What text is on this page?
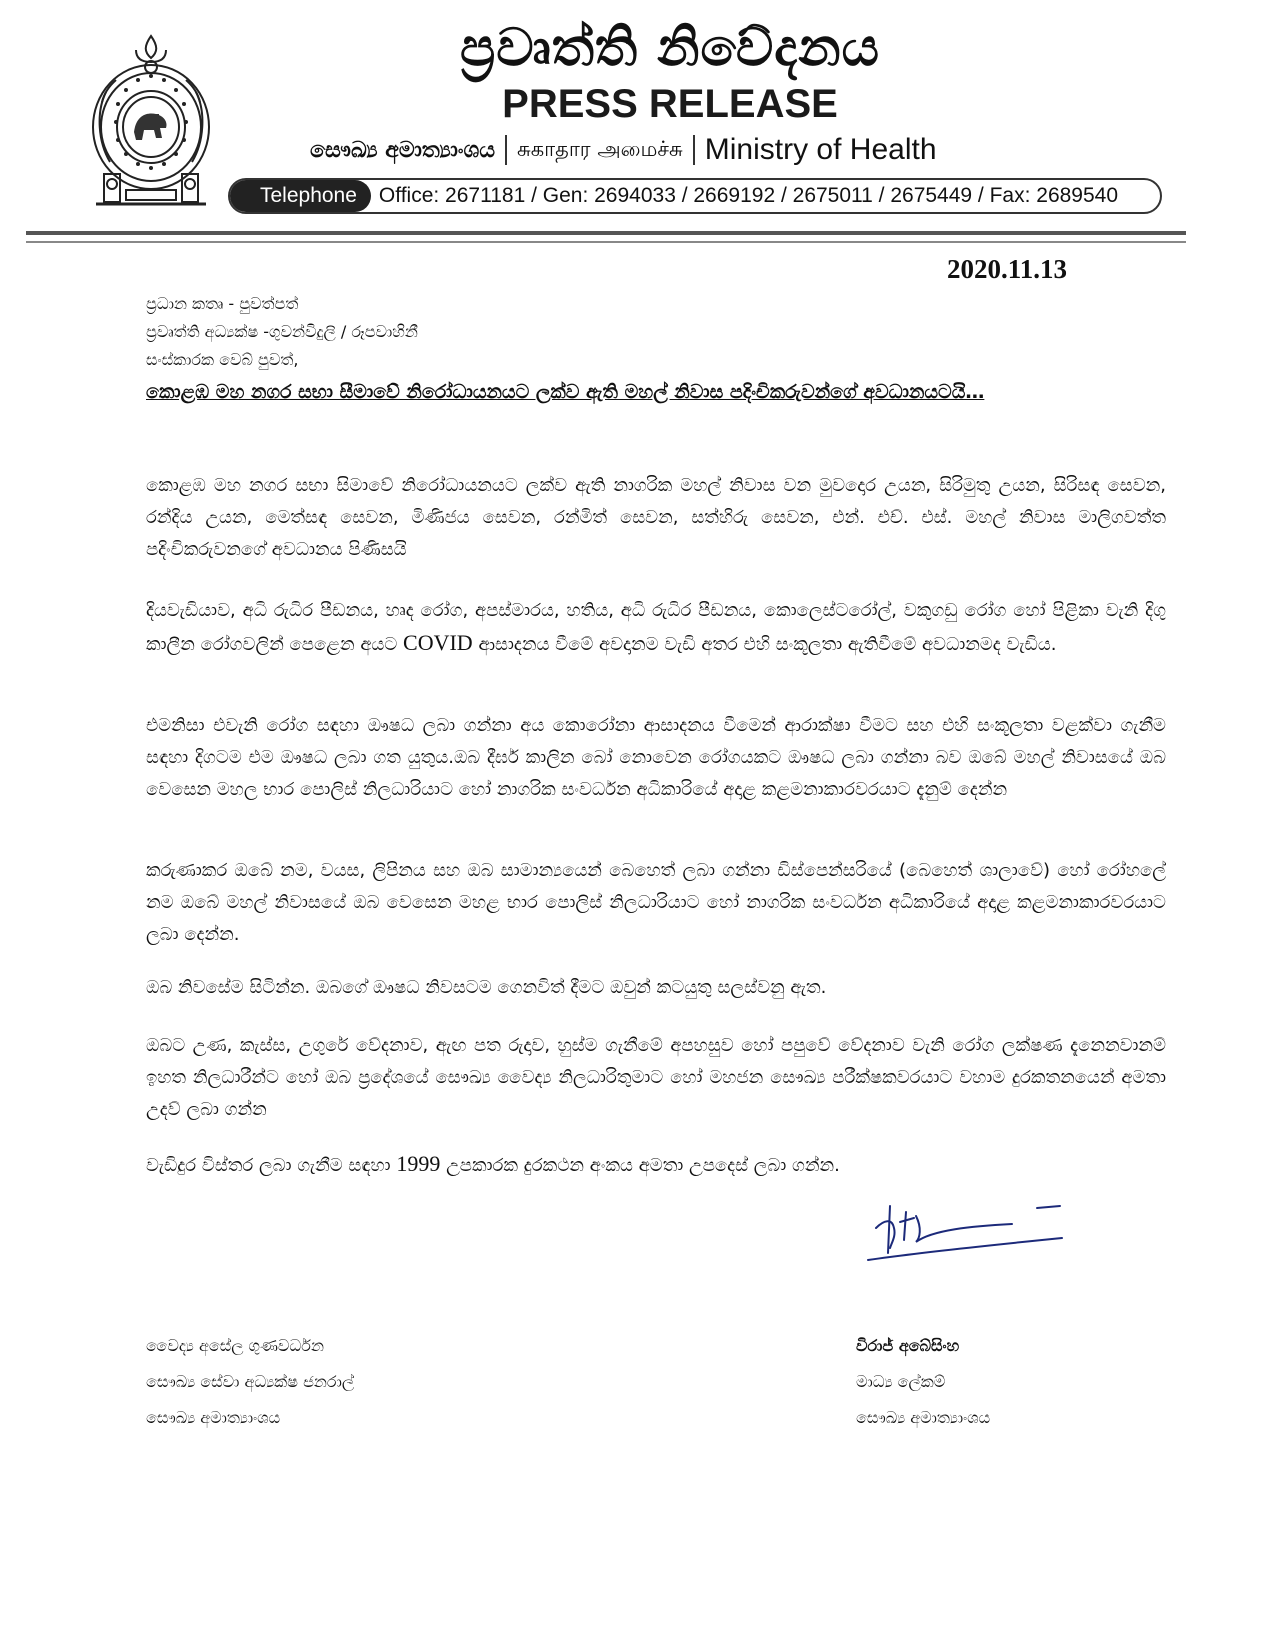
ප්‍රවෘත්ති නිවේදනය
PRESS RELEASE
සෞඛ්‍ය අමාත්‍යාංශය சுகாதார அமைச்சு Ministry of Health
Telephone	Office: 2671181 / Gen: 2694033 / 2669192 / 2675011 / 2675449 / Fax: 2689540
2020.11.13
ප්‍රධාන කතෘ - පුවත්පත්
ප්‍රවෘත්ති අධ්‍යක්ෂ -ගුවන්විදුලි / රූපවාහිනී
සංස්කාරක වෙබ් පුවත්,
කොළඹ මහ නගර සභා සීමාවේ නිරෝධායනයට ලක්ව ඇති මහල් නිවාස පදිංචිකරුවන්ගේ අවධානයටයි…
කොළඹ මහ නගර සභා සිමාවේ නිරෝධායනයට ලක්ව ඇති නාගරික මහල් නිවාස වන මුවදොර උයන, සිරිමුතු උයන, සිරිසඳ සෙවන, රන්දිය උයන, මෙත්සඳ සෙවන, මිණිජය සෙවන, රන්මිත් සෙවන, සත්හිරු සෙවන, එන්. එච්. එස්. මහල් නිවාස මාලිගවත්ත පදිංචිකරුවනගේ අවධානය පිණිසයි
දියවැඩියාව, අධි රුධිර පීඩනය, හෘද රෝග, අපස්මාරය, හතිය, අධි රුධිර පීඩනය, කොලෙස්ටරෝල්, වකුගඩු රෝග හෝ පිළිකා වැනි දිගු කාලීන රෝගවලින් පෙළෙන අයට COVID ආසාදනය වීමේ අවදානම වැඩි අතර එහි සංකූලතා ඇතිවීමේ අවධානමද වැඩිය.
එමනිසා එවැනි රෝග සඳහා ඖෂධ ලබා ගන්නා අය කොරෝනා ආසාදනය වීමෙන් ආරාක්ෂා වීමට සහ එහි සංකූලතා වළක්වා ගැනීම සඳහා දිගටම එම ඖෂධ ලබා ගත යුතුය.ඔබ දීර්ඝ කාලින බෝ නොවෙන රෝගයකට ඖෂධ ලබා ගන්නා බව ඔබේ මහල් නිවාසයේ ඔබ වෙසෙන මහල භාර පොලිස් නිලධාරියාට හෝ නාගරික සංවර්ධන අධිකාරියේ අදාළ කළමනාකාරවරයාට දැනුම් දෙන්න
කරුණාකර ඔබේ නම, වයස, ලිපිනය සහ ඔබ සාමාන්‍යයෙන් බෙහෙත් ලබා ගන්නා ඩිස්පෙන්සරියේ (බෙහෙත් ශාලාවේ) හෝ රෝහලේ නම ඔබේ මහල් නිවාසයේ ඔබ වෙසෙන මහළ භාර පොලිස් නිලධාරියාට හෝ නාගරික සංවර්ධන අධිකාරියේ අදාළ කළමනාකාරවරයාට ලබා දෙන්න.
ඔබ නිවසේම සිටින්න. ඔබගේ ඖෂධ නිවසටම ගෙනවිත් දීමට ඔවුන් කටයුතු සලස්වනු ඇත.
ඔබට උණ, කැස්ස, උගුරේ වේදනාව, ඇඟ පත රුදාව, හුස්ම ගැනීමේ අපහසුව හෝ පපුවේ වේදනාව වැනි රෝග ලක්ෂණ දැනෙනවානම් ඉහත නිලධාරීන්ට හෝ ඔබ ප්‍රදේශයේ සෞඛ්‍ය වෛද්‍ය නිලධාරිතුමාට හෝ මහජන සෞඛ්‍ය පරීක්ෂකවරයාට වහාම දුරකතනයෙන් අමතා උදව් ලබා ගන්න
වැඩිදුර විස්තර ලබා ගැනීම සඳහා 1999 උපකාරක දුරකථන අංකය අමතා උපදෙස් ලබා ගන්න.
වෛද්‍ය අසේල ගුණවර්ධන
සෞඛ්‍ය සේවා අධ්‍යක්ෂ ජනරාල්
සෞඛ්‍ය අමාත්‍යාංශය
විරාජ් අබේසිංහ
මාධ්‍ය ලේකම්
සෞඛ්‍ය අමාත්‍යාංශය
